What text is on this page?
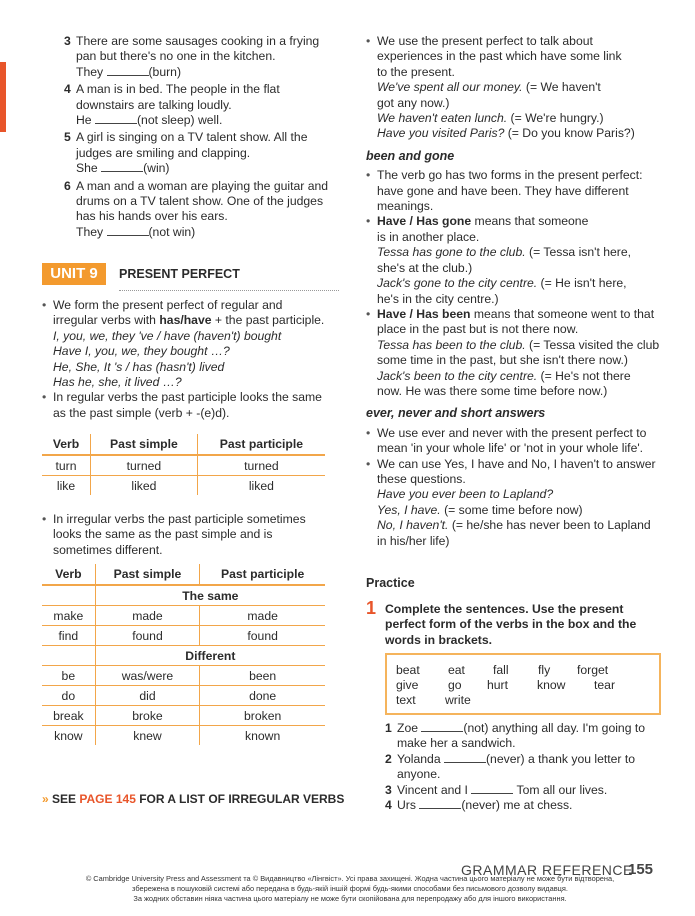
3 There are some sausages cooking in a frying
pan but there's no one in the kitchen.
They	(burn)
4 A man is in bed. The people in the flat
downstairs are talking loudly.
He	(not sleep) well.
5 A girl is singing on a TV talent show. All the
judges are smiling and clapping.
She	(win)
6 A man and a woman are playing the guitar and
drums on a TV talent show. One of the judges
has his hands over his ears.
They	(not win)
UNIT 9	PRESENT PERFECT
• We form the present perfect of regular and
irregular verbs with has/have + the past participle.
I, you, we, they 've / have (haven't) bought
Have I, you, we, they bought …?
He, She, It 's / has (hasn't) lived
Has he, she, it lived …?
• In regular verbs the past participle looks the same
as the past simple (verb + -(e)d).
Verb	Past simple	Past participle
turn	turned	turned
like	liked	liked
• In irregular verbs the past participle sometimes
looks the same as the past simple and is
sometimes different.
Verb	Past simple	Past participle
	The same	
make	made	made
find	found	found
	Different	
be	was/were	been
do	did	done
break	broke	broken
know	knew	known
» SEE PAGE 145 FOR A LIST OF IRREGULAR VERBS
• We use the present perfect to talk about
experiences in the past which have some link
to the present.
We've spent all our money. (= We haven't
got any now.)
We haven't eaten lunch. (= We're hungry.)
Have you visited Paris? (= Do you know Paris?)
been and gone
• The verb go has two forms in the present perfect:
have gone and have been. They have different
meanings.
• Have / Has gone means that someone
is in another place.
Tessa has gone to the club. (= Tessa isn't here,
she's at the club.)
Jack's gone to the city centre. (= He isn't here,
he's in the city centre.)
• Have / Has been means that someone went to that
place in the past but is not there now.
Tessa has been to the club. (= Tessa visited the club
some time in the past, but she isn't there now.)
Jack's been to the city centre. (= He's not there
now. He was there some time before now.)
ever, never and short answers
• We use ever and never with the present perfect to
mean 'in your whole life' or 'not in your whole life'.
• We can use Yes, I have and No, I haven't to answer
these questions.
Have you ever been to Lapland?
Yes, I have. (= some time before now)
No, I haven't. (= he/she has never been to Lapland
in his/her life)
Practice
1 Complete the sentences. Use the present
perfect form of the verbs in the box and the
words in brackets.
beat eat fall fly forget
give go hurt know tear
text write
1 Zoe	(not) anything all day. I'm going to
make her a sandwich.
2 Yolanda	(never) a thank you letter to
anyone.
3 Vincent and I	Tom all our lives.
4 Urs	(never) me at chess.
© Cambridge University Press and Assessment та © Видавництво «Лінгвіст». Усі права захищені. Жодна частина цього матеріалу не може бути відтворена,
збережена в пошуковій системі або передана в будь-якій іншій формі будь-якими способами без письмового дозволу видавця.
За жодних обставин ніяка частина цього матеріалу не може бути скопійована для перепродажу або для іншого використання.
GRAMMAR REFERENCE
155
